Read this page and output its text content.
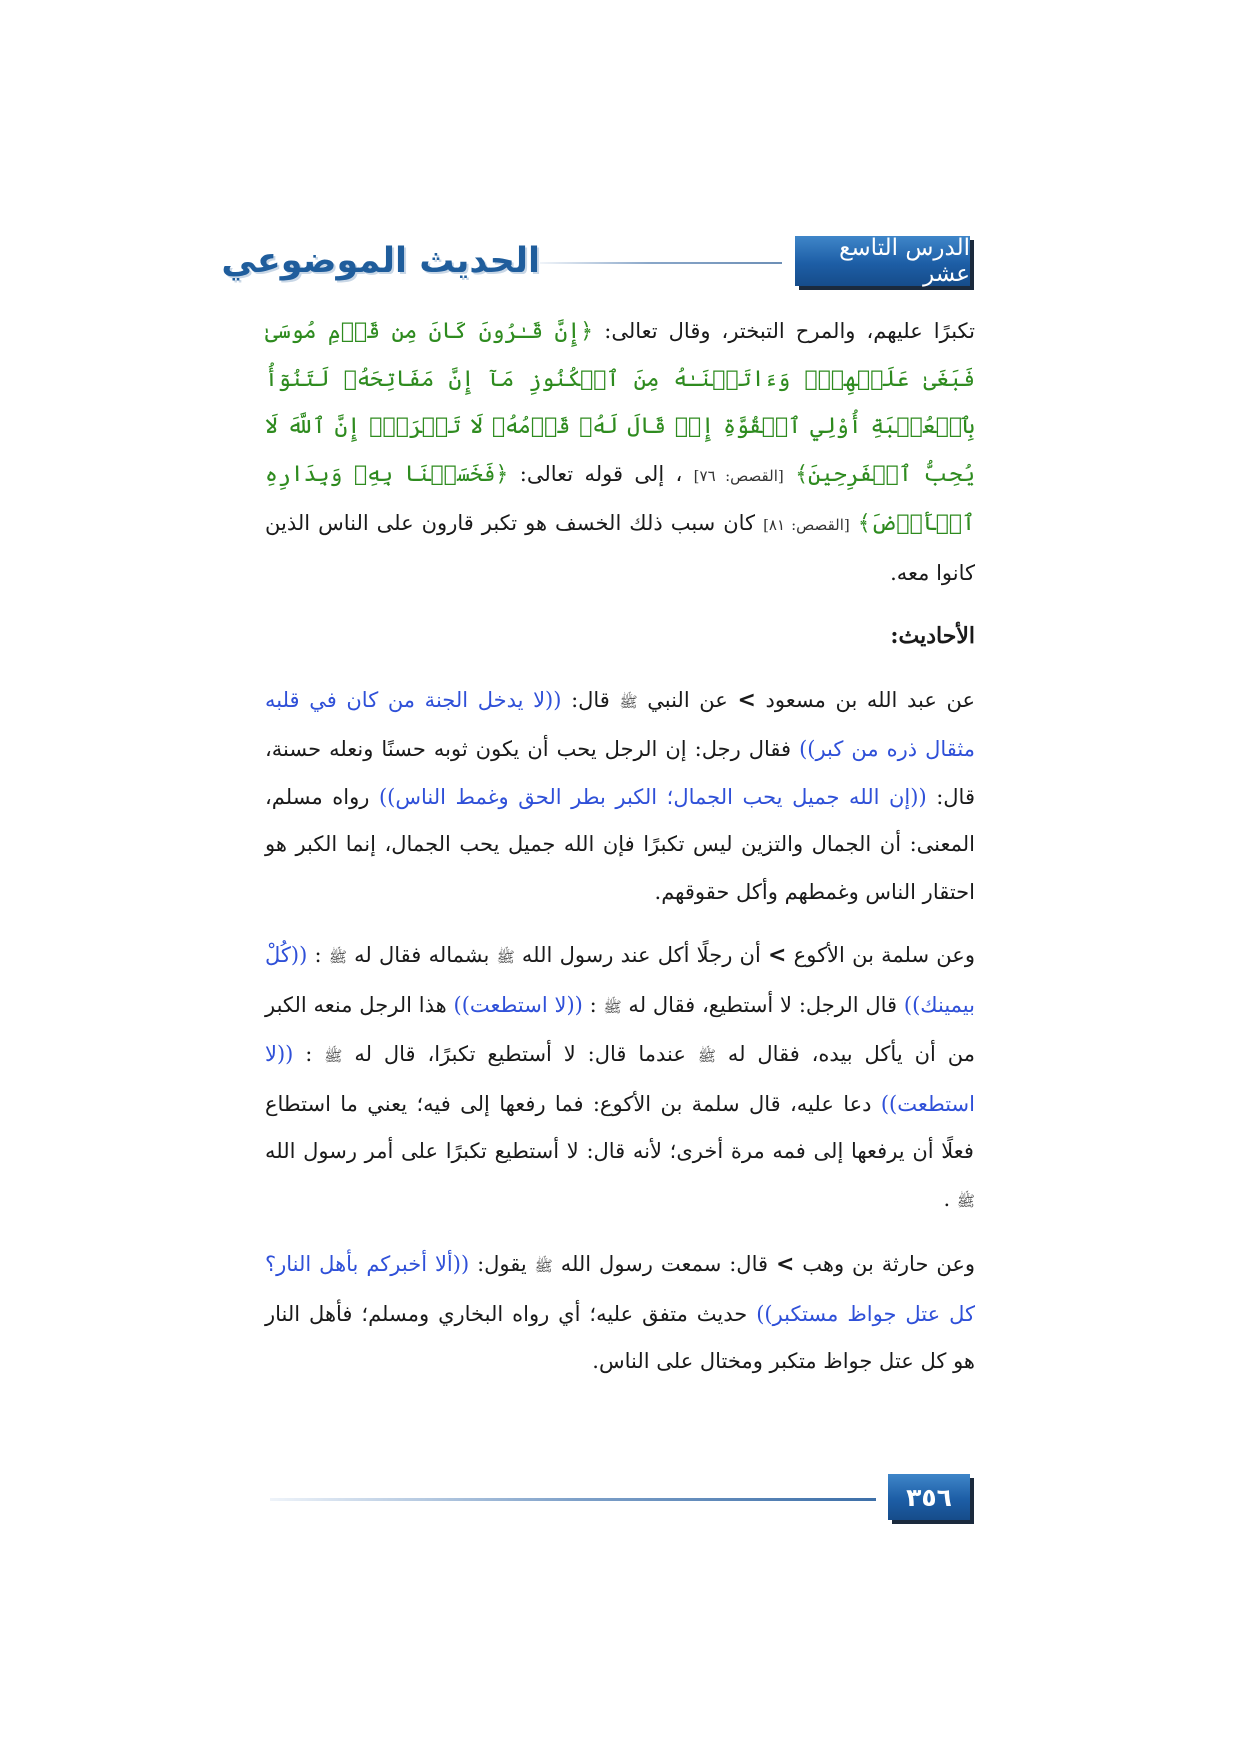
الدرس التاسع عشر
الحديث الموضوعي

تكبرًا عليهم، والمرح التبختر، وقال تعالى: ﴿إِنَّ قَـٰرُونَ كَانَ مِن قَوۡمِ مُوسَىٰ فَبَغَىٰ عَلَيۡهِمۡۖ وَءَاتَيۡنَـٰهُ مِنَ ٱلۡكُنُوزِ مَآ إِنَّ مَفَاتِحَهُۥ لَتَنُوٓأُ بِٱلۡعُصۡبَةِ أُوْلِي ٱلۡقُوَّةِ إِذۡ قَالَ لَهُۥ قَوۡمُهُۥ لَا تَفۡرَحۡۖ إِنَّ ٱللَّهَ لَا يُحِبُّ ٱلۡفَرِحِينَ﴾ [القصص: ٧٦] ، إلى قوله تعالى: ﴿فَخَسَفۡنَا بِهِۦ وَبِدَارِهِ ٱلۡأَرۡضَ﴾ [القصص: ٨١] كان سبب ذلك الخسف هو تكبر قارون على الناس الذين كانوا معه.

الأحاديث:

عن عبد الله بن مسعود > عن النبي ﷺ قال: ((لا يدخل الجنة من كان في قلبه مثقال ذره من كبر)) فقال رجل: إن الرجل يحب أن يكون ثوبه حسنًا ونعله حسنة، قال: ((إن الله جميل يحب الجمال؛ الكبر بطر الحق وغمط الناس)) رواه مسلم، المعنى: أن الجمال والتزين ليس تكبرًا فإن الله جميل يحب الجمال، إنما الكبر هو احتقار الناس وغمطهم وأكل حقوقهم.

وعن سلمة بن الأكوع > أن رجلًا أكل عند رسول الله ﷺ بشماله فقال له ﷺ : ((كُلْ بيمينك)) قال الرجل: لا أستطيع، فقال له ﷺ : ((لا استطعت)) هذا الرجل منعه الكبر من أن يأكل بيده، فقال له ﷺ عندما قال: لا أستطيع تكبرًا، قال له ﷺ : ((لا استطعت)) دعا عليه، قال سلمة بن الأكوع: فما رفعها إلى فيه؛ يعني ما استطاع فعلًا أن يرفعها إلى فمه مرة أخرى؛ لأنه قال: لا أستطيع تكبرًا على أمر رسول الله ﷺ .

وعن حارثة بن وهب > قال: سمعت رسول الله ﷺ يقول: ((ألا أخبركم بأهل النار؟ كل عتل جواظ مستكبر)) حديث متفق عليه؛ أي رواه البخاري ومسلم؛ فأهل النار هو كل عتل جواظ متكبر ومختال على الناس.

٣٥٦
